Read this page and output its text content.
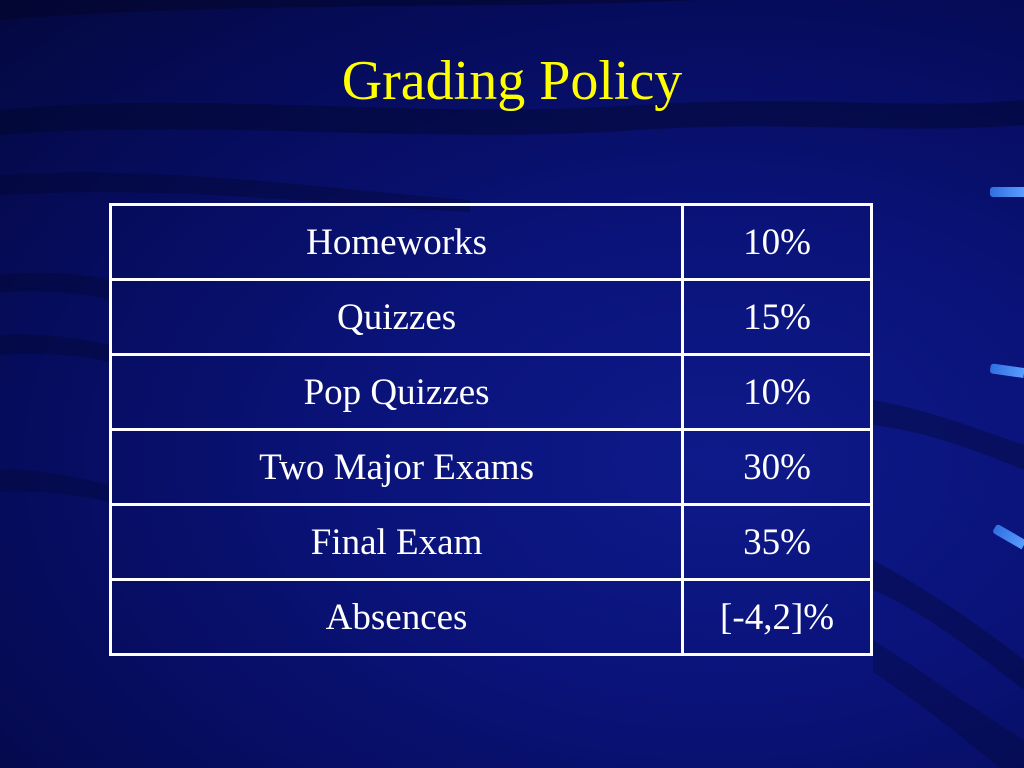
Grading Policy
Homeworks	10%
Quizzes	15%
Pop Quizzes	10%
Two Major Exams	30%
Final Exam	35%
Absences	[-4,2]%
